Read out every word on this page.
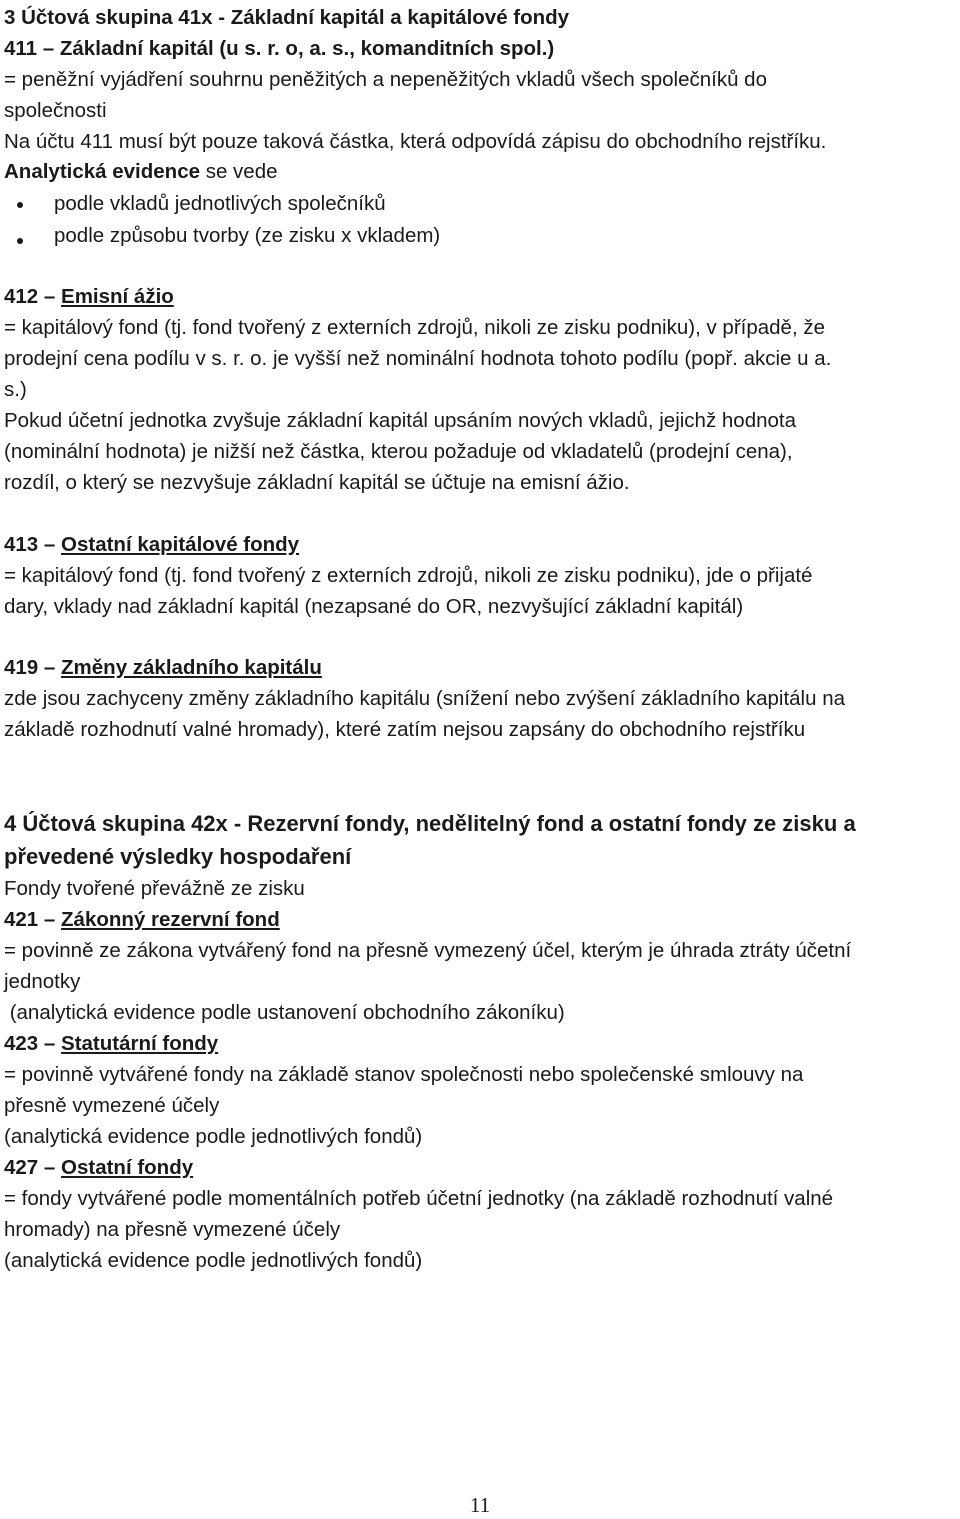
3 Účtová skupina 41x - Základní kapitál a kapitálové fondy
411 – Základní kapitál (u s. r. o, a. s., komanditních spol.)
= peněžní vyjádření souhrnu peněžitých a nepeněžitých vkladů všech společníků do
společnosti
Na účtu 411 musí být pouze taková částka, která odpovídá zápisu do obchodního rejstříku.
Analytická evidence se vede
podle vkladů jednotlivých společníků
podle způsobu tvorby (ze zisku x vkladem)
412 – Emisní ážio
= kapitálový fond (tj. fond tvořený z externích zdrojů, nikoli ze zisku podniku), v případě, že
prodejní cena podílu v s. r. o. je vyšší než nominální hodnota tohoto podílu (popř. akcie u a.
s.)
Pokud účetní jednotka zvyšuje základní kapitál upsáním nových vkladů, jejichž hodnota
(nominální hodnota) je nižší než částka, kterou požaduje od vkladatelů (prodejní cena),
rozdíl, o který se nezvyšuje základní kapitál se účtuje na emisní ážio.
413 – Ostatní kapitálové fondy
= kapitálový fond (tj. fond tvořený z externích zdrojů, nikoli ze zisku podniku), jde o přijaté
dary, vklady nad základní kapitál (nezapsané do OR, nezvyšující základní kapitál)
419 – Změny základního kapitálu
zde jsou zachyceny změny základního kapitálu (snížení nebo zvýšení základního kapitálu na
základě rozhodnutí valné hromady), které zatím nejsou zapsány do obchodního rejstříku
4 Účtová skupina 42x - Rezervní fondy, nedělitelný fond a ostatní fondy ze zisku a
převedené výsledky hospodaření
Fondy tvořené převážně ze zisku
421 – Zákonný rezervní fond
= povinně ze zákona vytvářený fond na přesně vymezený účel, kterým je úhrada ztráty účetní
jednotky
(analytická evidence podle ustanovení obchodního zákoníku)
423 – Statutární fondy
= povinně vytvářené fondy na základě stanov společnosti nebo společenské smlouvy na
přesně vymezené účely
(analytická evidence podle jednotlivých fondů)
427 – Ostatní fondy
= fondy vytvářené podle momentálních potřeb účetní jednotky (na základě rozhodnutí valné
hromady) na přesně vymezené účely
(analytická evidence podle jednotlivých fondů)
11
